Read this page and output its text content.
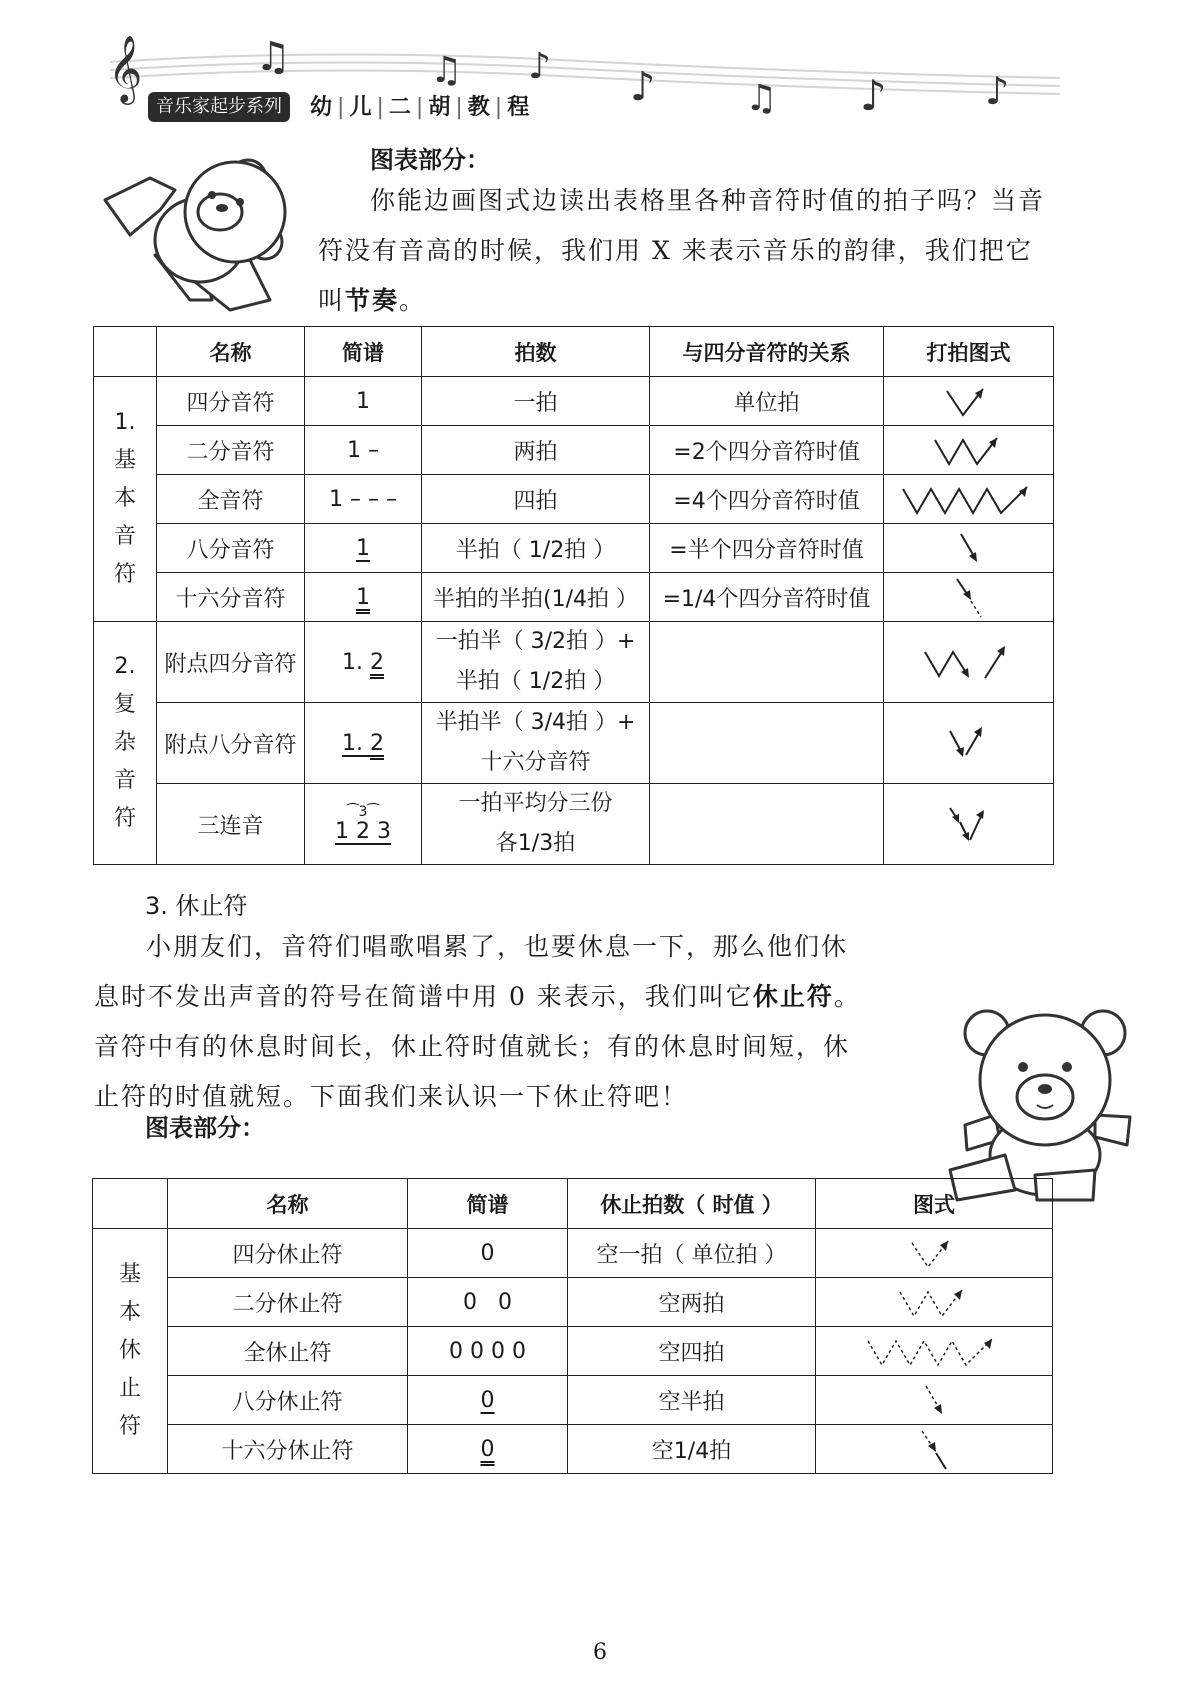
𝄞	♫	♫ ♪ ♪ ♫ ♪	♪
音乐家起步系列	幼 | 儿 | 二 | 胡 | 教 | 程
图表部分：
你能边画图式边读出表格里各种音符时值的拍子吗？当音符没有音高的时候，我们用 X 来表示音乐的韵律，我们把它叫节奏。
	名称	简谱	拍数	与四分音符的关系	打拍图式
1.
基
本
音
符	四分音符	1	一拍	单位拍	

	二分音符	1 –	两拍	=2个四分音符时值	

	全音符	1 – – –	四拍	=4个四分音符时值	

	八分音符	1	半拍（ 1/2拍 ）	=半个四分音符时值	

	十六分音符	1	半拍的半拍(1/4拍 ）	=1/4个四分音符时值	

2.
复
杂
音
符	附点四分音符	1. 2	一拍半（ 3/2拍 ）+
半拍（ 1/2拍 ）		

	附点八分音符	1. 2	半拍半（ 3/4拍 ）+
十六分音符		

	三连音	⁀3⁀
1 2 3	一拍平均分三份
各1/3拍		
3. 休止符
小朋友们，音符们唱歌唱累了，也要休息一下，那么他们休息时不发出声音的符号在简谱中用 0 来表示，我们叫它休止符。音符中有的休息时间长，休止符时值就长；有的休息时间短，休止符的时值就短。下面我们来认识一下休止符吧！
图表部分：
	名称	简谱	休止拍数（ 时值 ）	图式
基
本
休
止
符	四分休止符	0	空一拍（ 单位拍 ）	

	二分休止符	0   0	空两拍	

	全休止符	0 0 0 0	空四拍	

	八分休止符	0	空半拍	

	十六分休止符	0	空1/4拍	
6
